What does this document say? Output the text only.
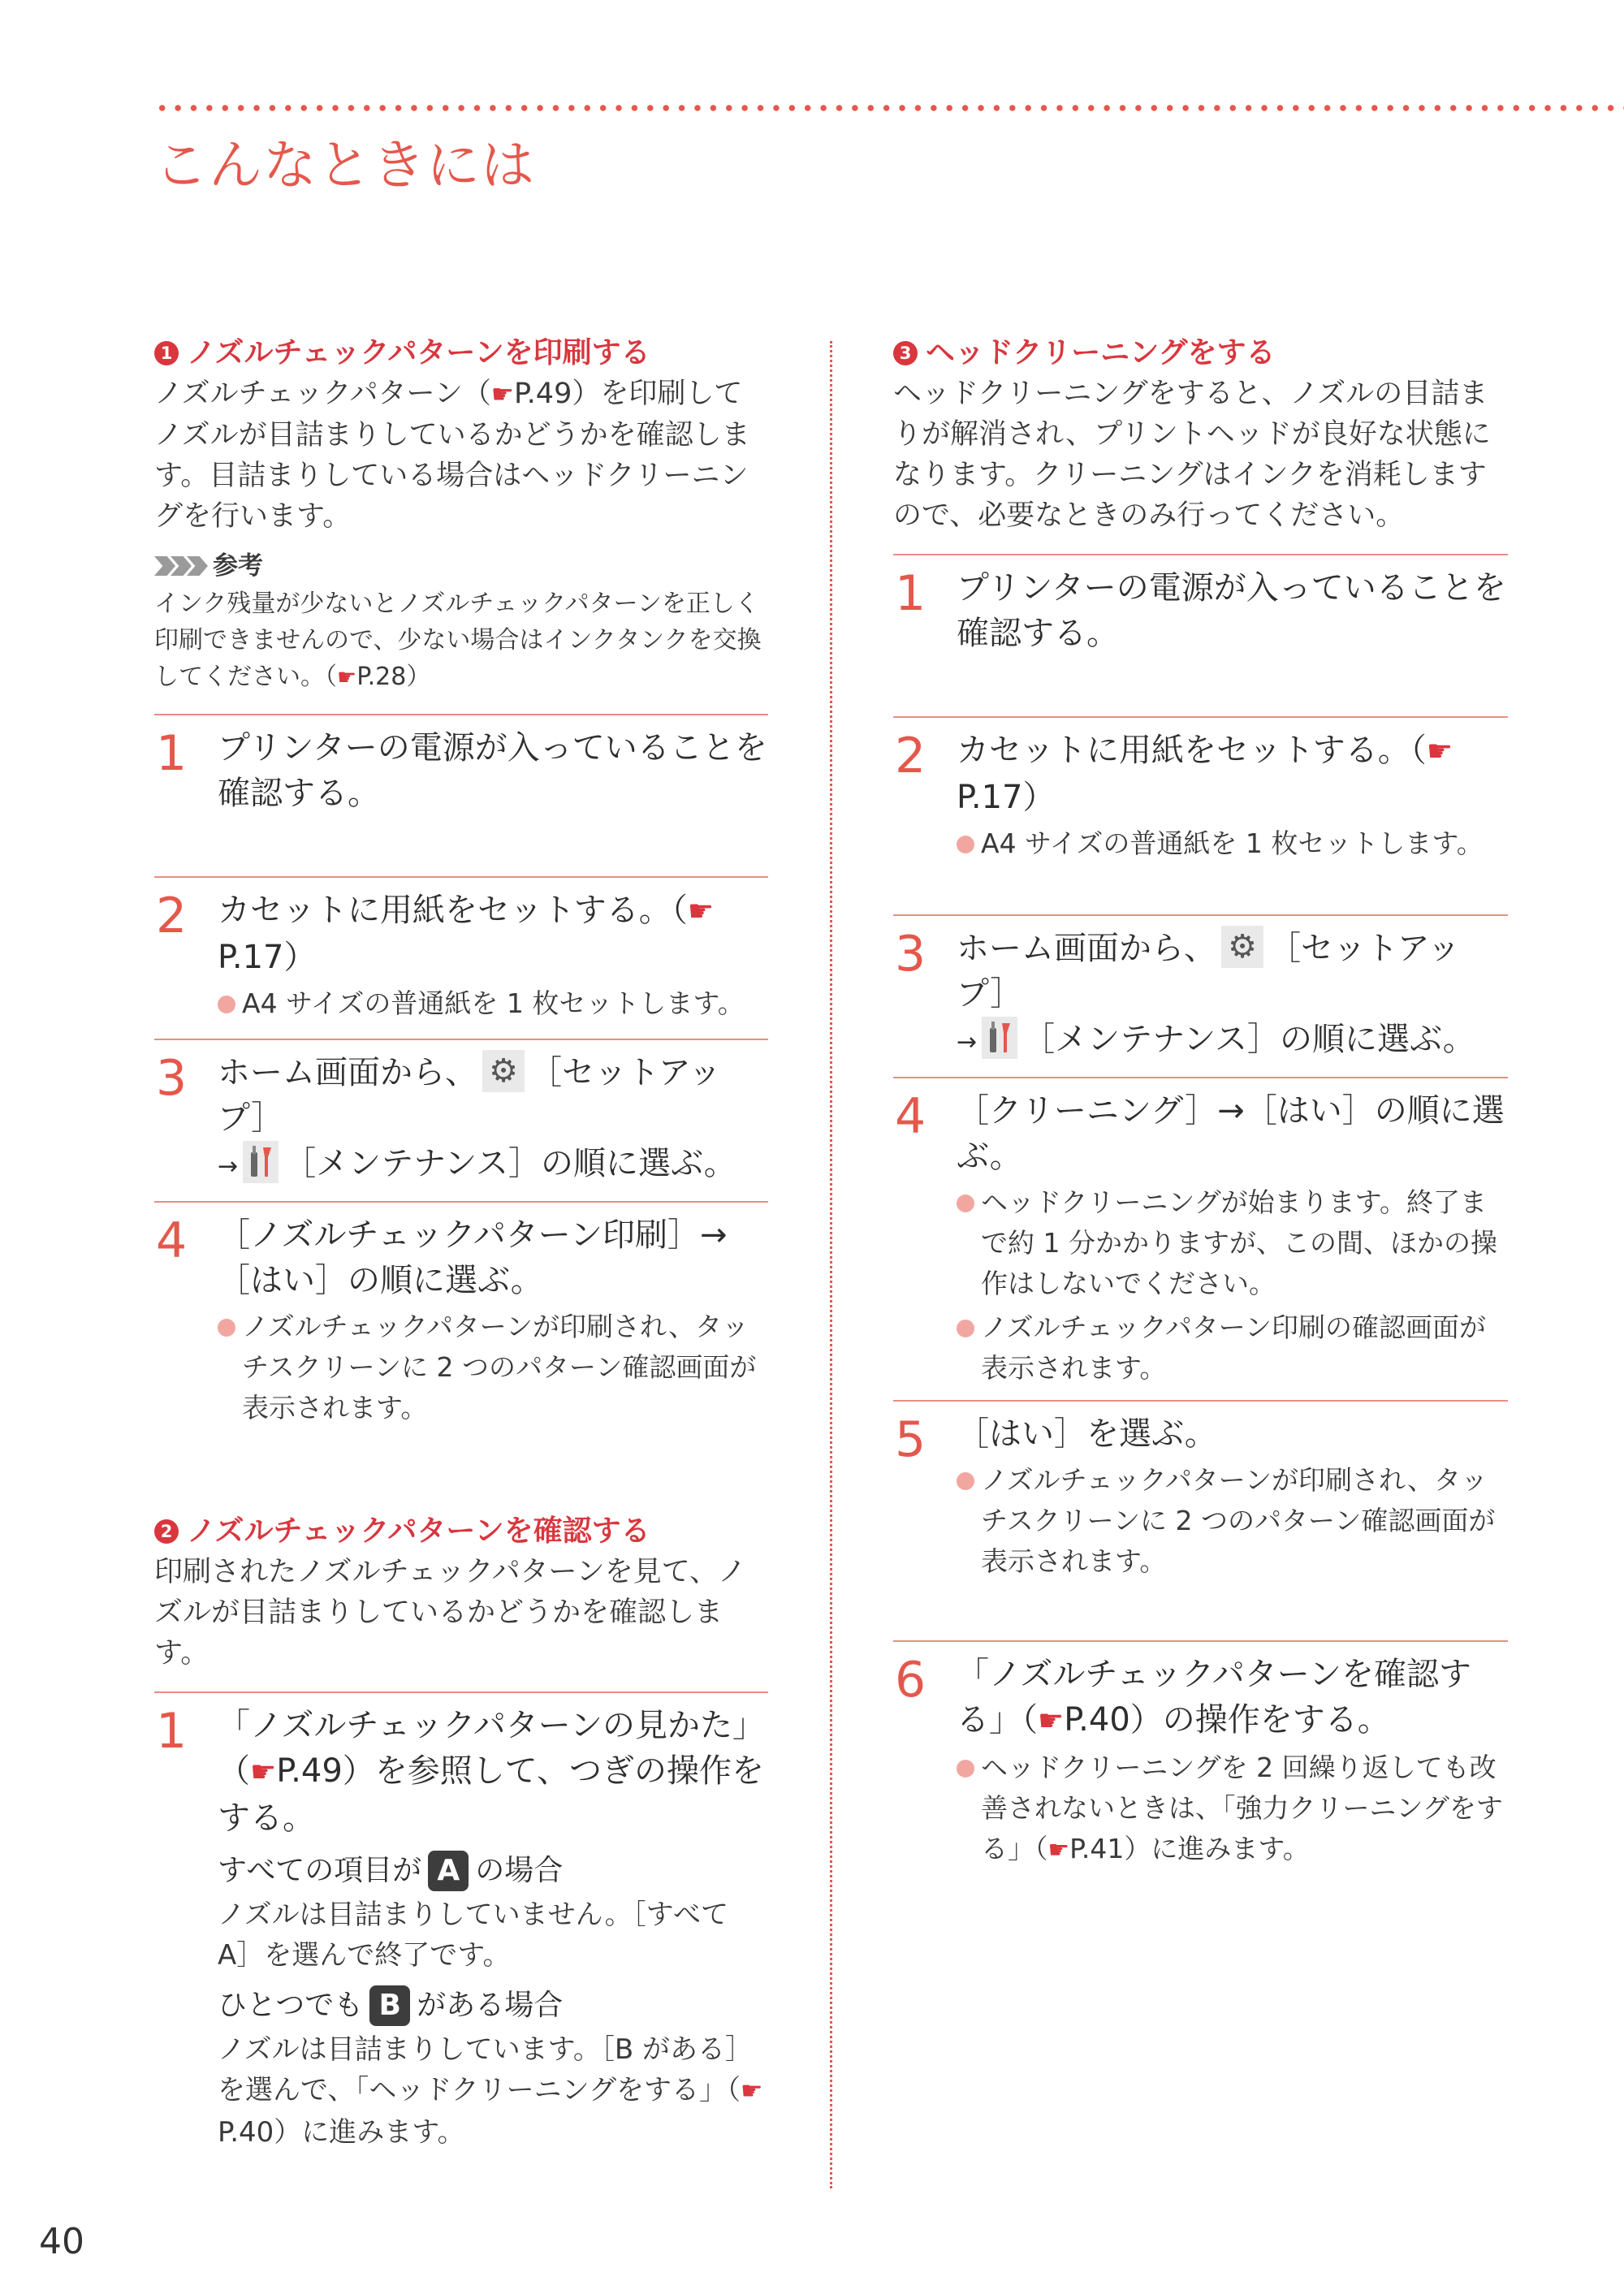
こんなときには
1 ノズルチェックパターンを印刷する

ノズルチェックパターン（☛P.49）を印刷してノズルが目詰まりしているかどうかを確認します。目詰まりしている場合はヘッドクリーニングを行います。

参考

インク残量が少ないとノズルチェックパターンを正しく印刷できませんので、少ない場合はインクタンクを交換してください。（☛P.28）

1 プリンターの電源が入っていることを確認する。

2 カセットに用紙をセットする。（☛P.17）

A4 サイズの普通紙を 1 枚セットします。

3 ホーム画面から、 ⚙ ［セットアップ］
→ ［メンテナンス］の順に選ぶ。

4 ［ノズルチェックパターン印刷］→［はい］の順に選ぶ。

ノズルチェックパターンが印刷され、タッチスクリーンに 2 つのパターン確認画面が表示されます。

2 ノズルチェックパターンを確認する

印刷されたノズルチェックパターンを見て、ノズルが目詰まりしているかどうかを確認します。

1 「ノズルチェックパターンの見かた」（☛P.49）を参照して、つぎの操作をする。

すべての項目が A の場合

ノズルは目詰まりしていません。［すべて A］を選んで終了です。

ひとつでも B がある場合

ノズルは目詰まりしています。［B がある］を選んで、「ヘッドクリーニングをする」（☛P.40）に進みます。

3 ヘッドクリーニングをする

ヘッドクリーニングをすると、ノズルの目詰まりが解消され、プリントヘッドが良好な状態になります。クリーニングはインクを消耗しますので、必要なときのみ行ってください。

1 プリンターの電源が入っていることを確認する。

2 カセットに用紙をセットする。（☛P.17）

A4 サイズの普通紙を 1 枚セットします。

3 ホーム画面から、 ⚙ ［セットアップ］
→ ［メンテナンス］の順に選ぶ。

4 ［クリーニング］→［はい］の順に選ぶ。

ヘッドクリーニングが始まります。終了まで約 1 分かかりますが、この間、ほかの操作はしないでください。

ノズルチェックパターン印刷の確認画面が表示されます。

5 ［はい］を選ぶ。

ノズルチェックパターンが印刷され、タッチスクリーンに 2 つのパターン確認画面が表示されます。

6 「ノズルチェックパターンを確認する」（☛P.40）の操作をする。

ヘッドクリーニングを 2 回繰り返しても改善されないときは、「強力クリーニングをする」（☛P.41）に進みます。

40
